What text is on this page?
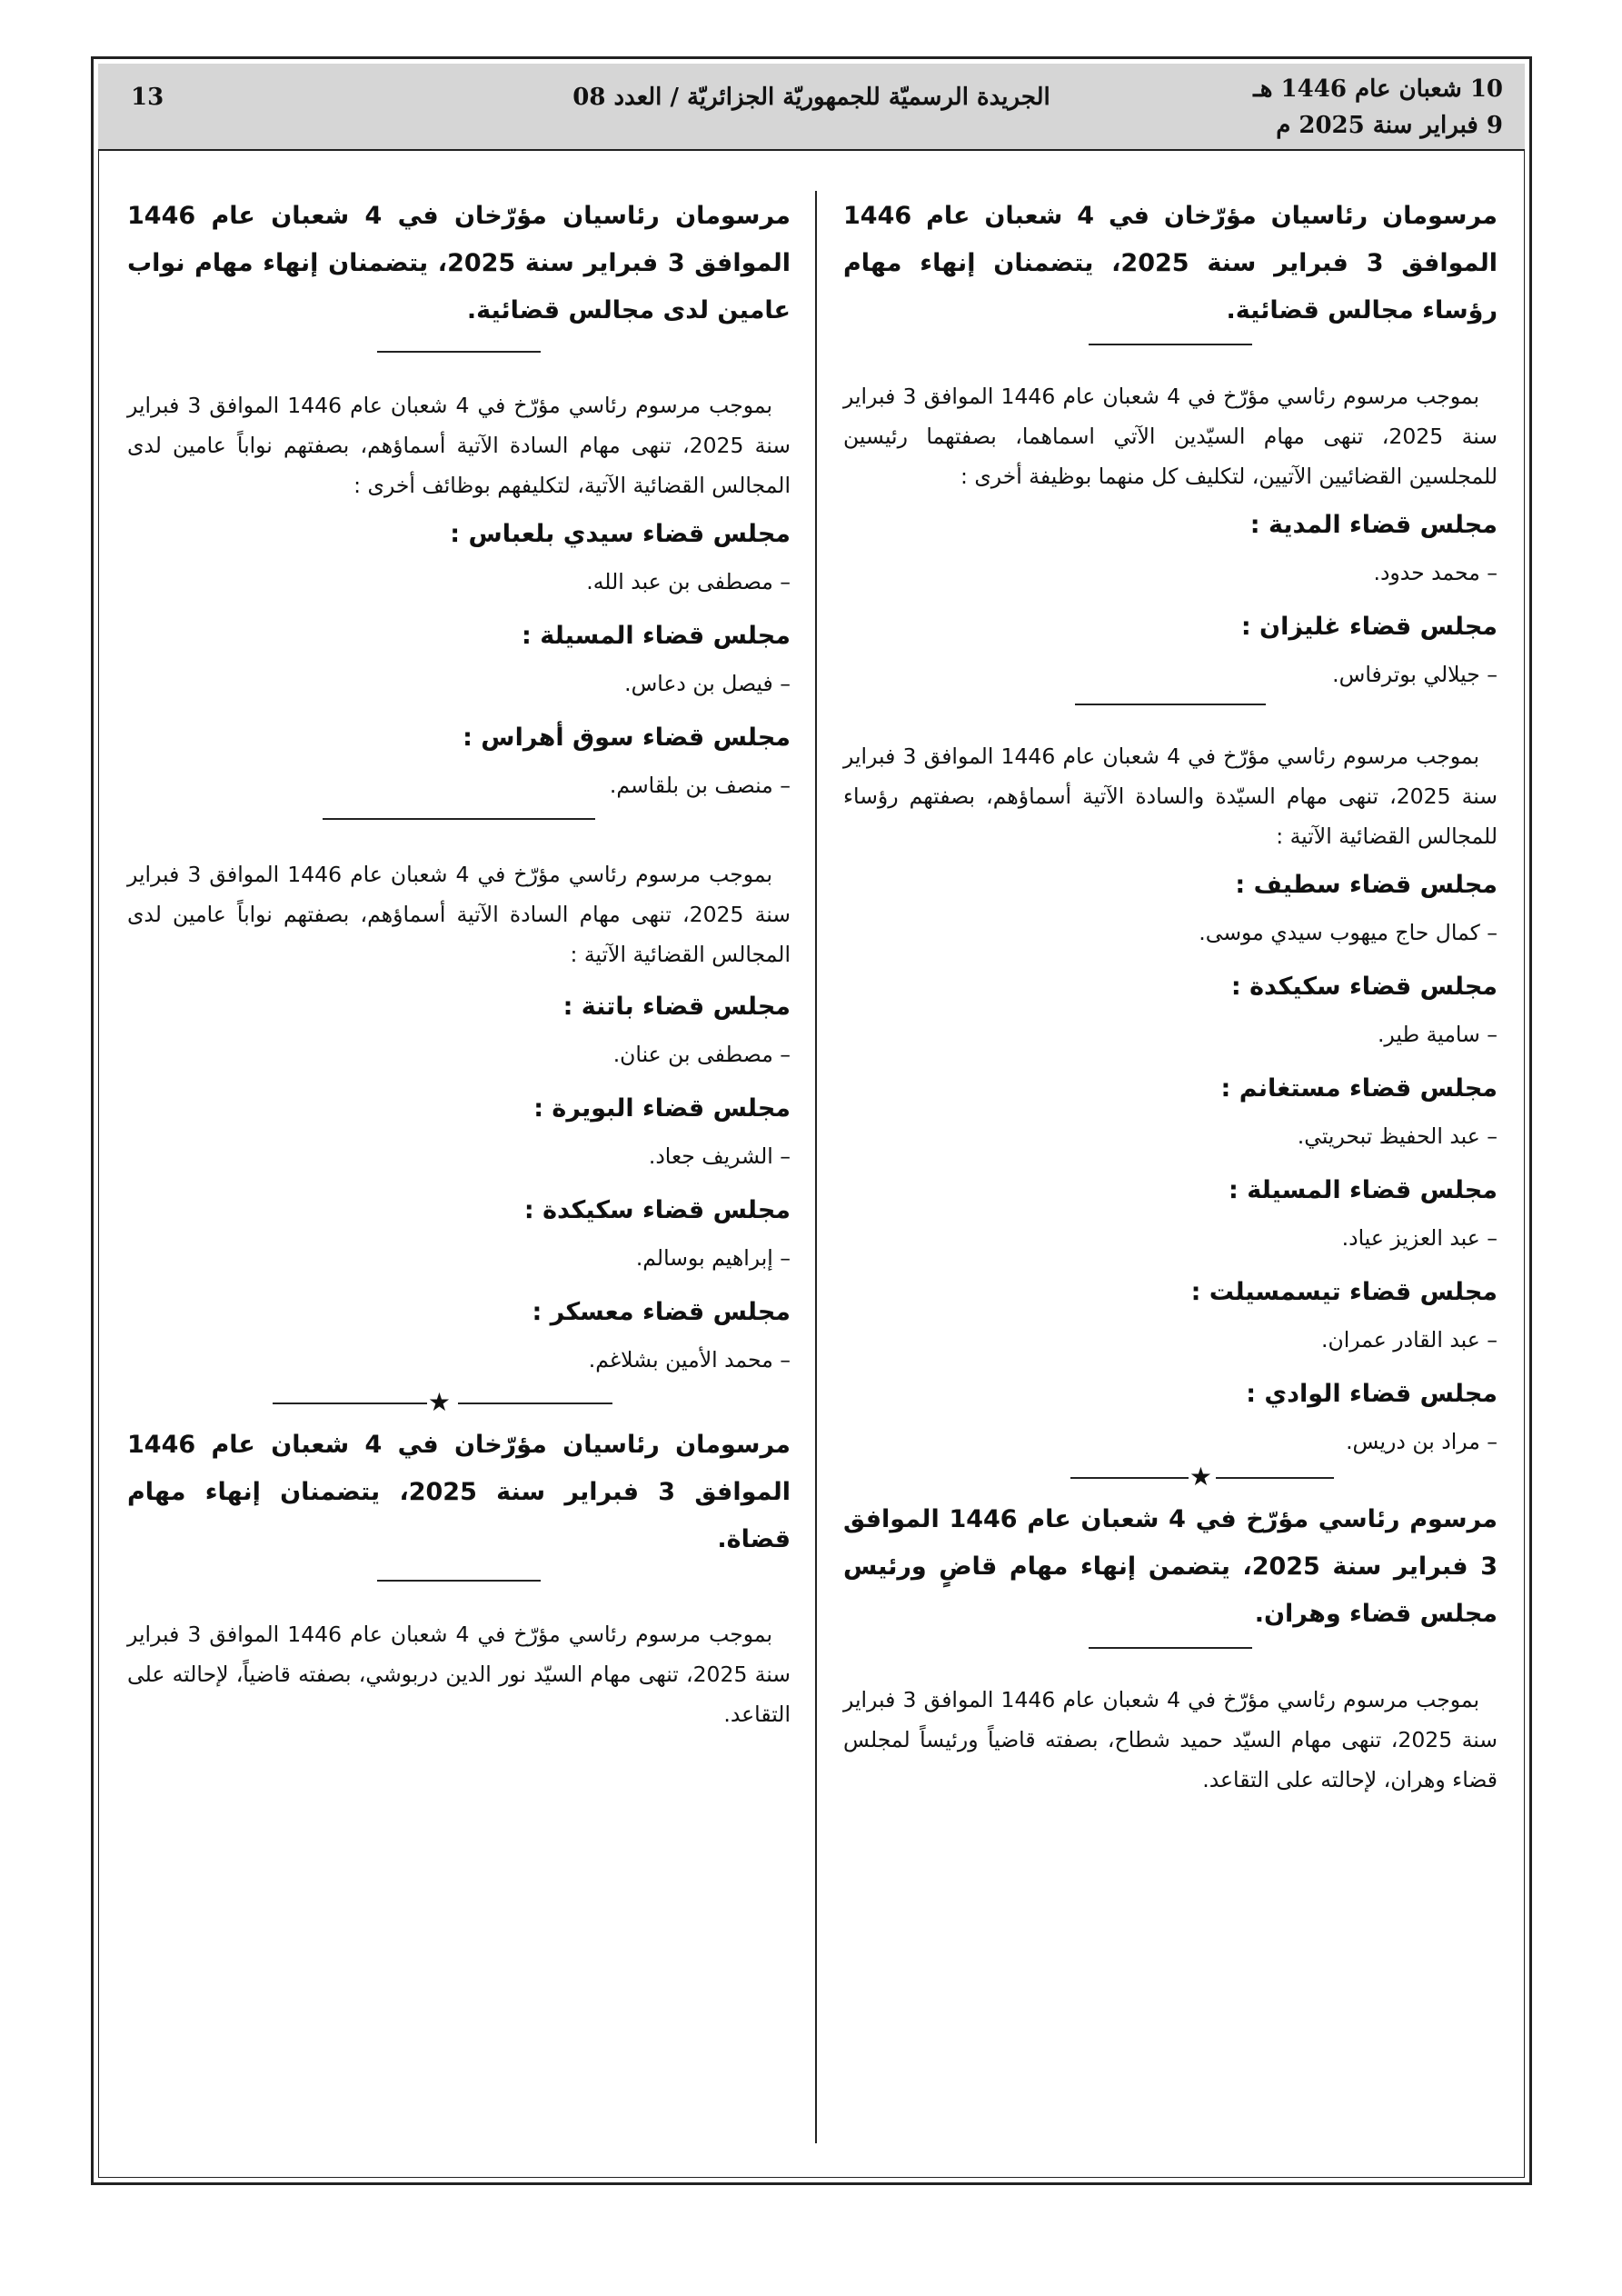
10 شعبان عام 1446 هـ
9 فبراير سنة 2025 م
الجريدة الرسميّة للجمهوريّة الجزائريّة / العدد 08
13

مرسومان رئاسيان مؤرّخان في 4 شعبان عام 1446 الموافق 3 فبراير سنة 2025، يتضمنان إنهاء مهام رؤساء مجالس قضائية.

بموجب مرسوم رئاسي مؤرّخ في 4 شعبان عام 1446 الموافق 3 فبراير سنة 2025، تنهى مهام السيّدين الآتي اسماهما، بصفتهما رئيسين للمجلسين القضائيين الآتيين، لتكليف كل منهما بوظيفة أخرى :

مجلس قضاء المدية :

– محمد حدود.

مجلس قضاء غليزان :

– جيلالي بوترفاس.

بموجب مرسوم رئاسي مؤرّخ في 4 شعبان عام 1446 الموافق 3 فبراير سنة 2025، تنهى مهام السيّدة والسادة الآتية أسماؤهم، بصفتهم رؤساء للمجالس القضائية الآتية :

مجلس قضاء سطيف :

– كمال حاج ميهوب سيدي موسى.

مجلس قضاء سكيكدة :

– سامية طير.

مجلس قضاء مستغانم :

– عبد الحفيظ تبحريتي.

مجلس قضاء المسيلة :

– عبد العزيز عياد.

مجلس قضاء تيسمسيلت :

– عبد القادر عمران.

مجلس قضاء الوادي :

– مراد بن دريس.

★

مرسوم رئاسي مؤرّخ في 4 شعبان عام 1446 الموافق 3 فبراير سنة 2025، يتضمن إنهاء مهام قاضٍ ورئيس مجلس قضاء وهران.

بموجب مرسوم رئاسي مؤرّخ في 4 شعبان عام 1446 الموافق 3 فبراير سنة 2025، تنهى مهام السيّد حميد شطاح، بصفته قاضياً ورئيساً لمجلس قضاء وهران، لإحالته على التقاعد.

مرسومان رئاسيان مؤرّخان في 4 شعبان عام 1446 الموافق 3 فبراير سنة 2025، يتضمنان إنهاء مهام نواب عامين لدى مجالس قضائية.

بموجب مرسوم رئاسي مؤرّخ في 4 شعبان عام 1446 الموافق 3 فبراير سنة 2025، تنهى مهام السادة الآتية أسماؤهم، بصفتهم نواباً عامين لدى المجالس القضائية الآتية، لتكليفهم بوظائف أخرى :

مجلس قضاء سيدي بلعباس :

– مصطفى بن عبد الله.

مجلس قضاء المسيلة :

– فيصل بن دعاس.

مجلس قضاء سوق أهراس :

– منصف بن بلقاسم.

بموجب مرسوم رئاسي مؤرّخ في 4 شعبان عام 1446 الموافق 3 فبراير سنة 2025، تنهى مهام السادة الآتية أسماؤهم، بصفتهم نواباً عامين لدى المجالس القضائية الآتية :

مجلس قضاء باتنة :

– مصطفى بن عنان.

مجلس قضاء البويرة :

– الشريف جعاد.

مجلس قضاء سكيكدة :

– إبراهيم بوسالم.

مجلس قضاء معسكر :

– محمد الأمين بشلاغم.

★

مرسومان رئاسيان مؤرّخان في 4 شعبان عام 1446 الموافق 3 فبراير سنة 2025، يتضمنان إنهاء مهام قضاة.

بموجب مرسوم رئاسي مؤرّخ في 4 شعبان عام 1446 الموافق 3 فبراير سنة 2025، تنهى مهام السيّد نور الدين دربوشي، بصفته قاضياً، لإحالته على التقاعد.
